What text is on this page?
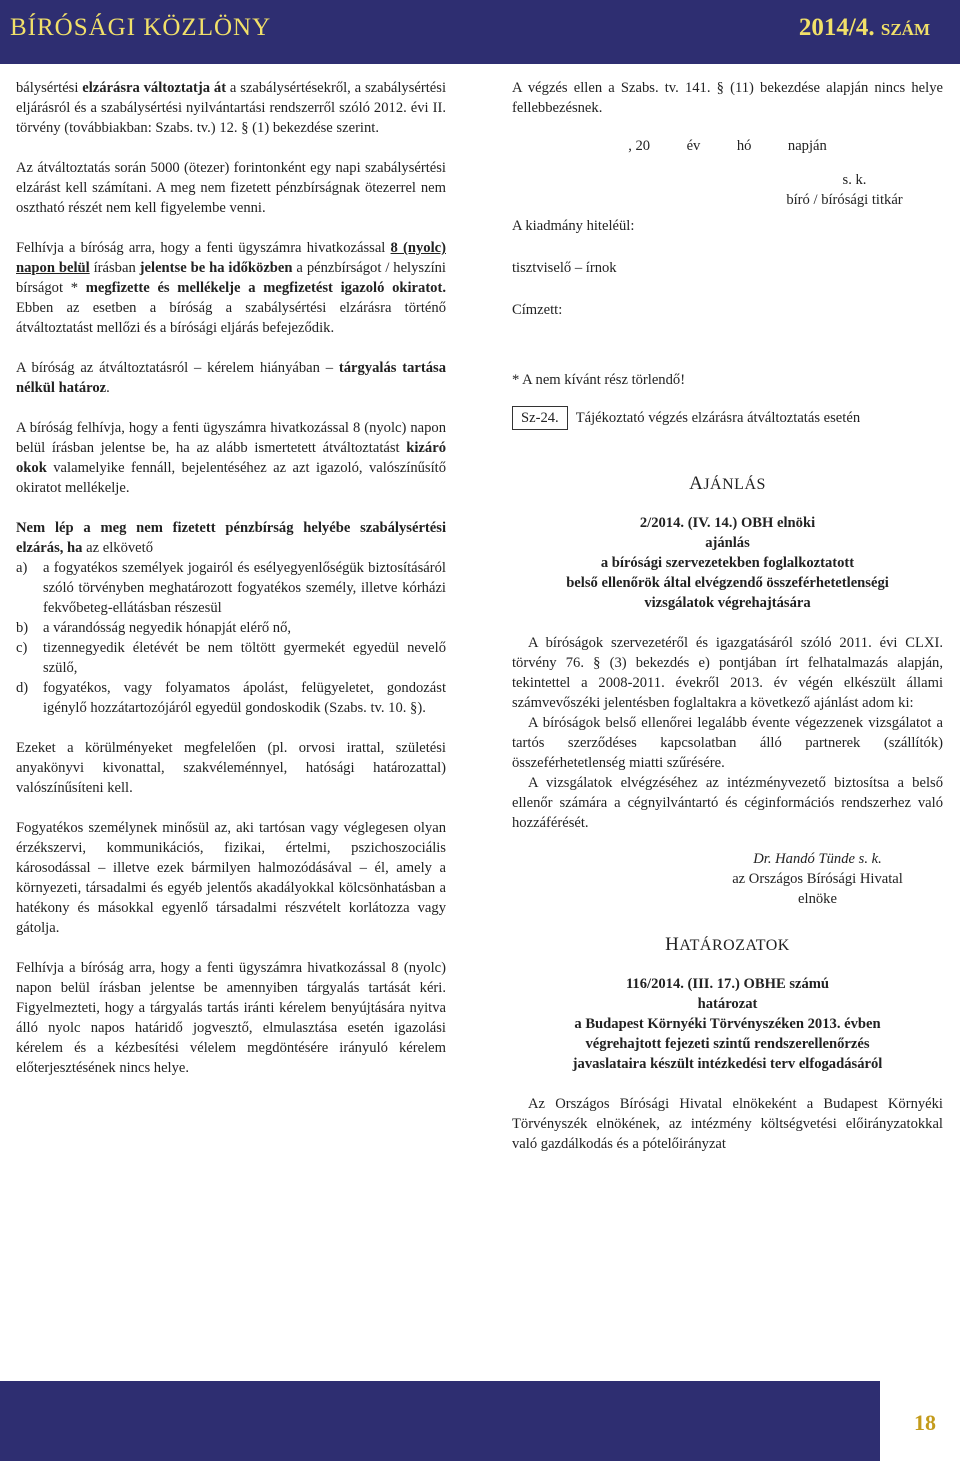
BÍRÓSÁGI KÖZLÖNY	2014/4. SZÁM

bálysértési elzárásra változtatja át a szabálysértésekről, a szabálysértési eljárásról és a szabálysértési nyilvántartási rendszerről szóló 2012. évi II. törvény (továbbiakban: Szabs. tv.) 12. § (1) bekezdése szerint.

Az átváltoztatás során 5000 (ötezer) forintonként egy napi szabálysértési elzárást kell számítani. A meg nem fizetett pénzbírságnak ötezerrel nem osztható részét nem kell figyelembe venni.

Felhívja a bíróság arra, hogy a fenti ügyszámra hivatkozással 8 (nyolc) napon belül írásban jelentse be ha időközben a pénzbírságot / helyszíni bírságot * megfizette és mellékelje a megfizetést igazoló okiratot. Ebben az esetben a bíróság a szabálysértési elzárásra történő átváltoztatást mellőzi és a bírósági eljárás befejeződik.

A bíróság az átváltoztatásról – kérelem hiányában – tárgyalás tartása nélkül határoz.

A bíróság felhívja, hogy a fenti ügyszámra hivatkozással 8 (nyolc) napon belül írásban jelentse be, ha az alább ismertetett átváltoztatást kizáró okok valamelyike fennáll, bejelentéséhez az azt igazoló, valószínűsítő okiratot mellékelje.

Nem lép a meg nem fizetett pénzbírság helyébe szabálysértési elzárás, ha az elkövető

a)	a fogyatékos személyek jogairól és esélyegyenlőségük biztosításáról szóló törvényben meghatározott fogyatékos személy, illetve kórházi fekvőbeteg-ellátásban részesül
b)	a várandósság negyedik hónapját elérő nő,
c)	tizennegyedik életévét be nem töltött gyermekét egyedül nevelő szülő,
d)	fogyatékos, vagy folyamatos ápolást, felügyeletet, gondozást igénylő hozzátartozójáról egyedül gondoskodik (Szabs. tv. 10. §).

Ezeket a körülményeket megfelelően (pl. orvosi irattal, születési anyakönyvi kivonattal, szakvéleménnyel, hatósági határozattal) valószínűsíteni kell.

Fogyatékos személynek minősül az, aki tartósan vagy véglegesen olyan érzékszervi, kommunikációs, fizikai, értelmi, pszichoszociális károsodással – illetve ezek bármilyen halmozódásával – él, amely a környezeti, társadalmi és egyéb jelentős akadályokkal kölcsönhatásban a hatékony és másokkal egyenlő társadalmi részvételt korlátozza vagy gátolja.

Felhívja a bíróság arra, hogy a fenti ügyszámra hivatkozással 8 (nyolc) napon belül írásban jelentse be amennyiben tárgyalás tartását kéri. Figyelmezteti, hogy a tárgyalás tartás iránti kérelem benyújtására nyitva álló nyolc napos határidő jogvesztő, elmulasztása esetén igazolási kérelem és a kézbesítési vélelem megdöntésére irányuló kérelem előterjesztésének nincs helye.

A végzés ellen a Szabs. tv. 141. § (11) bekezdése alapján nincs helye fellebbezésnek.

, 20          év          hó          napján

s. k.
bíró / bírósági titkár

A kiadmány hiteléül:

tisztviselő – írnok

Címzett:

* A nem kívánt rész törlendő!

Sz-24.	Tájékoztató végzés elzárásra átváltoztatás esetén
AJÁNLÁS
2/2014. (IV. 14.) OBH elnöki
ajánlás
a bírósági szervezetekben foglalkoztatott
belső ellenőrök által elvégzendő összeférhetetlenségi
vizsgálatok végrehajtására

A bíróságok szervezetéről és igazgatásáról szóló 2011. évi CLXI. törvény 76. § (3) bekezdés e) pontjában írt felhatalmazás alapján, tekintettel a 2008-2011. évekről 2013. év végén elkészült állami számvevőszéki jelentésben foglaltakra a következő ajánlást adom ki:

A bíróságok belső ellenőrei legalább évente végezzenek vizsgálatot a tartós szerződéses kapcsolatban álló partnerek (szállítók) összeférhetetlenség miatti szűrésére.

A vizsgálatok elvégzéséhez az intézményvezető biztosítsa a belső ellenőr számára a cégnyilvántartó és céginformációs rendszerhez való hozzáférését.

Dr. Handó Tünde s. k.
az Országos Bírósági Hivatal
elnöke
HATÁROZATOK
116/2014. (III. 17.) OBHE számú
határozat
a Budapest Környéki Törvényszéken 2013. évben
végrehajtott fejezeti szintű rendszerellenőrzés
javaslataira készült intézkedési terv elfogadásáról

Az Országos Bírósági Hivatal elnökeként a Budapest Környéki Törvényszék elnökének, az intézmény költségvetési előirányzatokkal való gazdálkodás és a pótelőirányzat

18
